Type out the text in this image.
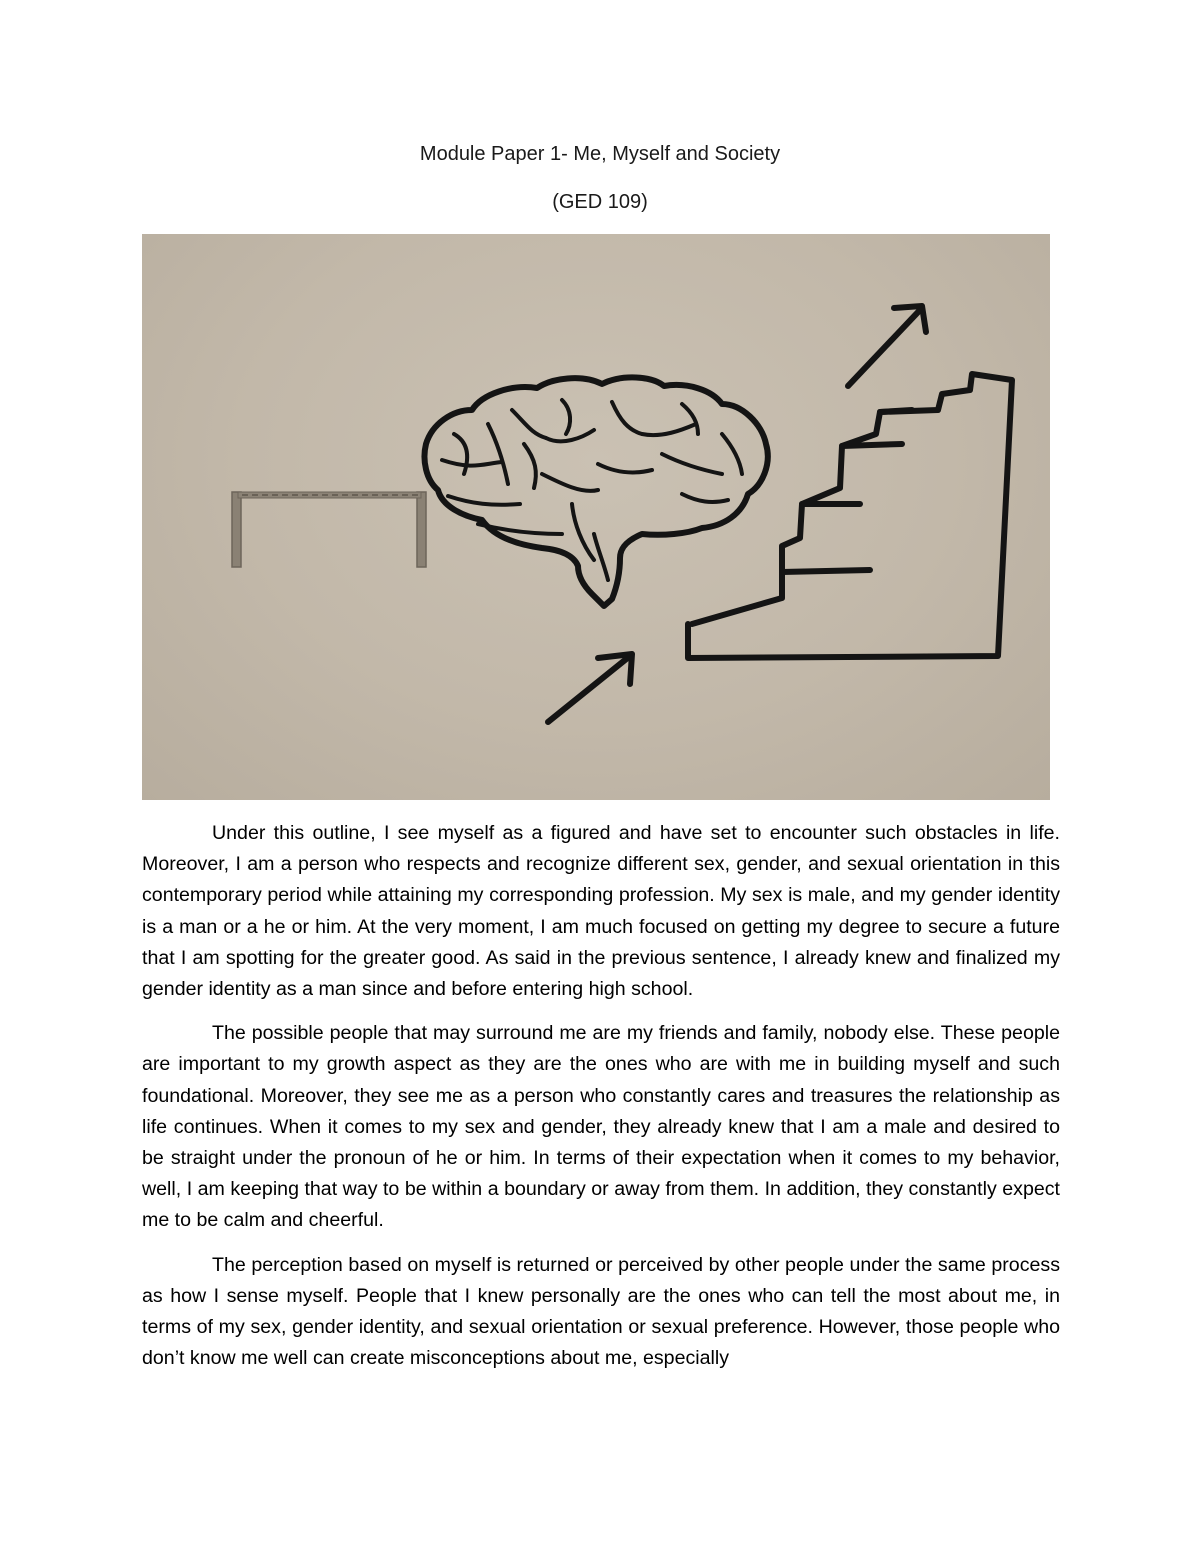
Module Paper 1- Me, Myself and Society
(GED 109)

Under this outline, I see myself as a figured and have set to encounter such obstacles in life. Moreover, I am a person who respects and recognize different sex, gender, and sexual orientation in this contemporary period while attaining my corresponding profession. My sex is male, and my gender identity is a man or a he or him. At the very moment, I am much focused on getting my degree to secure a future that I am spotting for the greater good. As said in the previous sentence, I already knew and finalized my gender identity as a man since and before entering high school.

The possible people that may surround me are my friends and family, nobody else. These people are important to my growth aspect as they are the ones who are with me in building myself and such foundational. Moreover, they see me as a person who constantly cares and treasures the relationship as life continues. When it comes to my sex and gender, they already knew that I am a male and desired to be straight under the pronoun of he or him. In terms of their expectation when it comes to my behavior, well, I am keeping that way to be within a boundary or away from them. In addition, they constantly expect me to be calm and cheerful.

The perception based on myself is returned or perceived by other people under the same process as how I sense myself. People that I knew personally are the ones who can tell the most about me, in terms of my sex, gender identity, and sexual orientation or sexual preference. However, those people who don’t know me well can create misconceptions about me, especially
